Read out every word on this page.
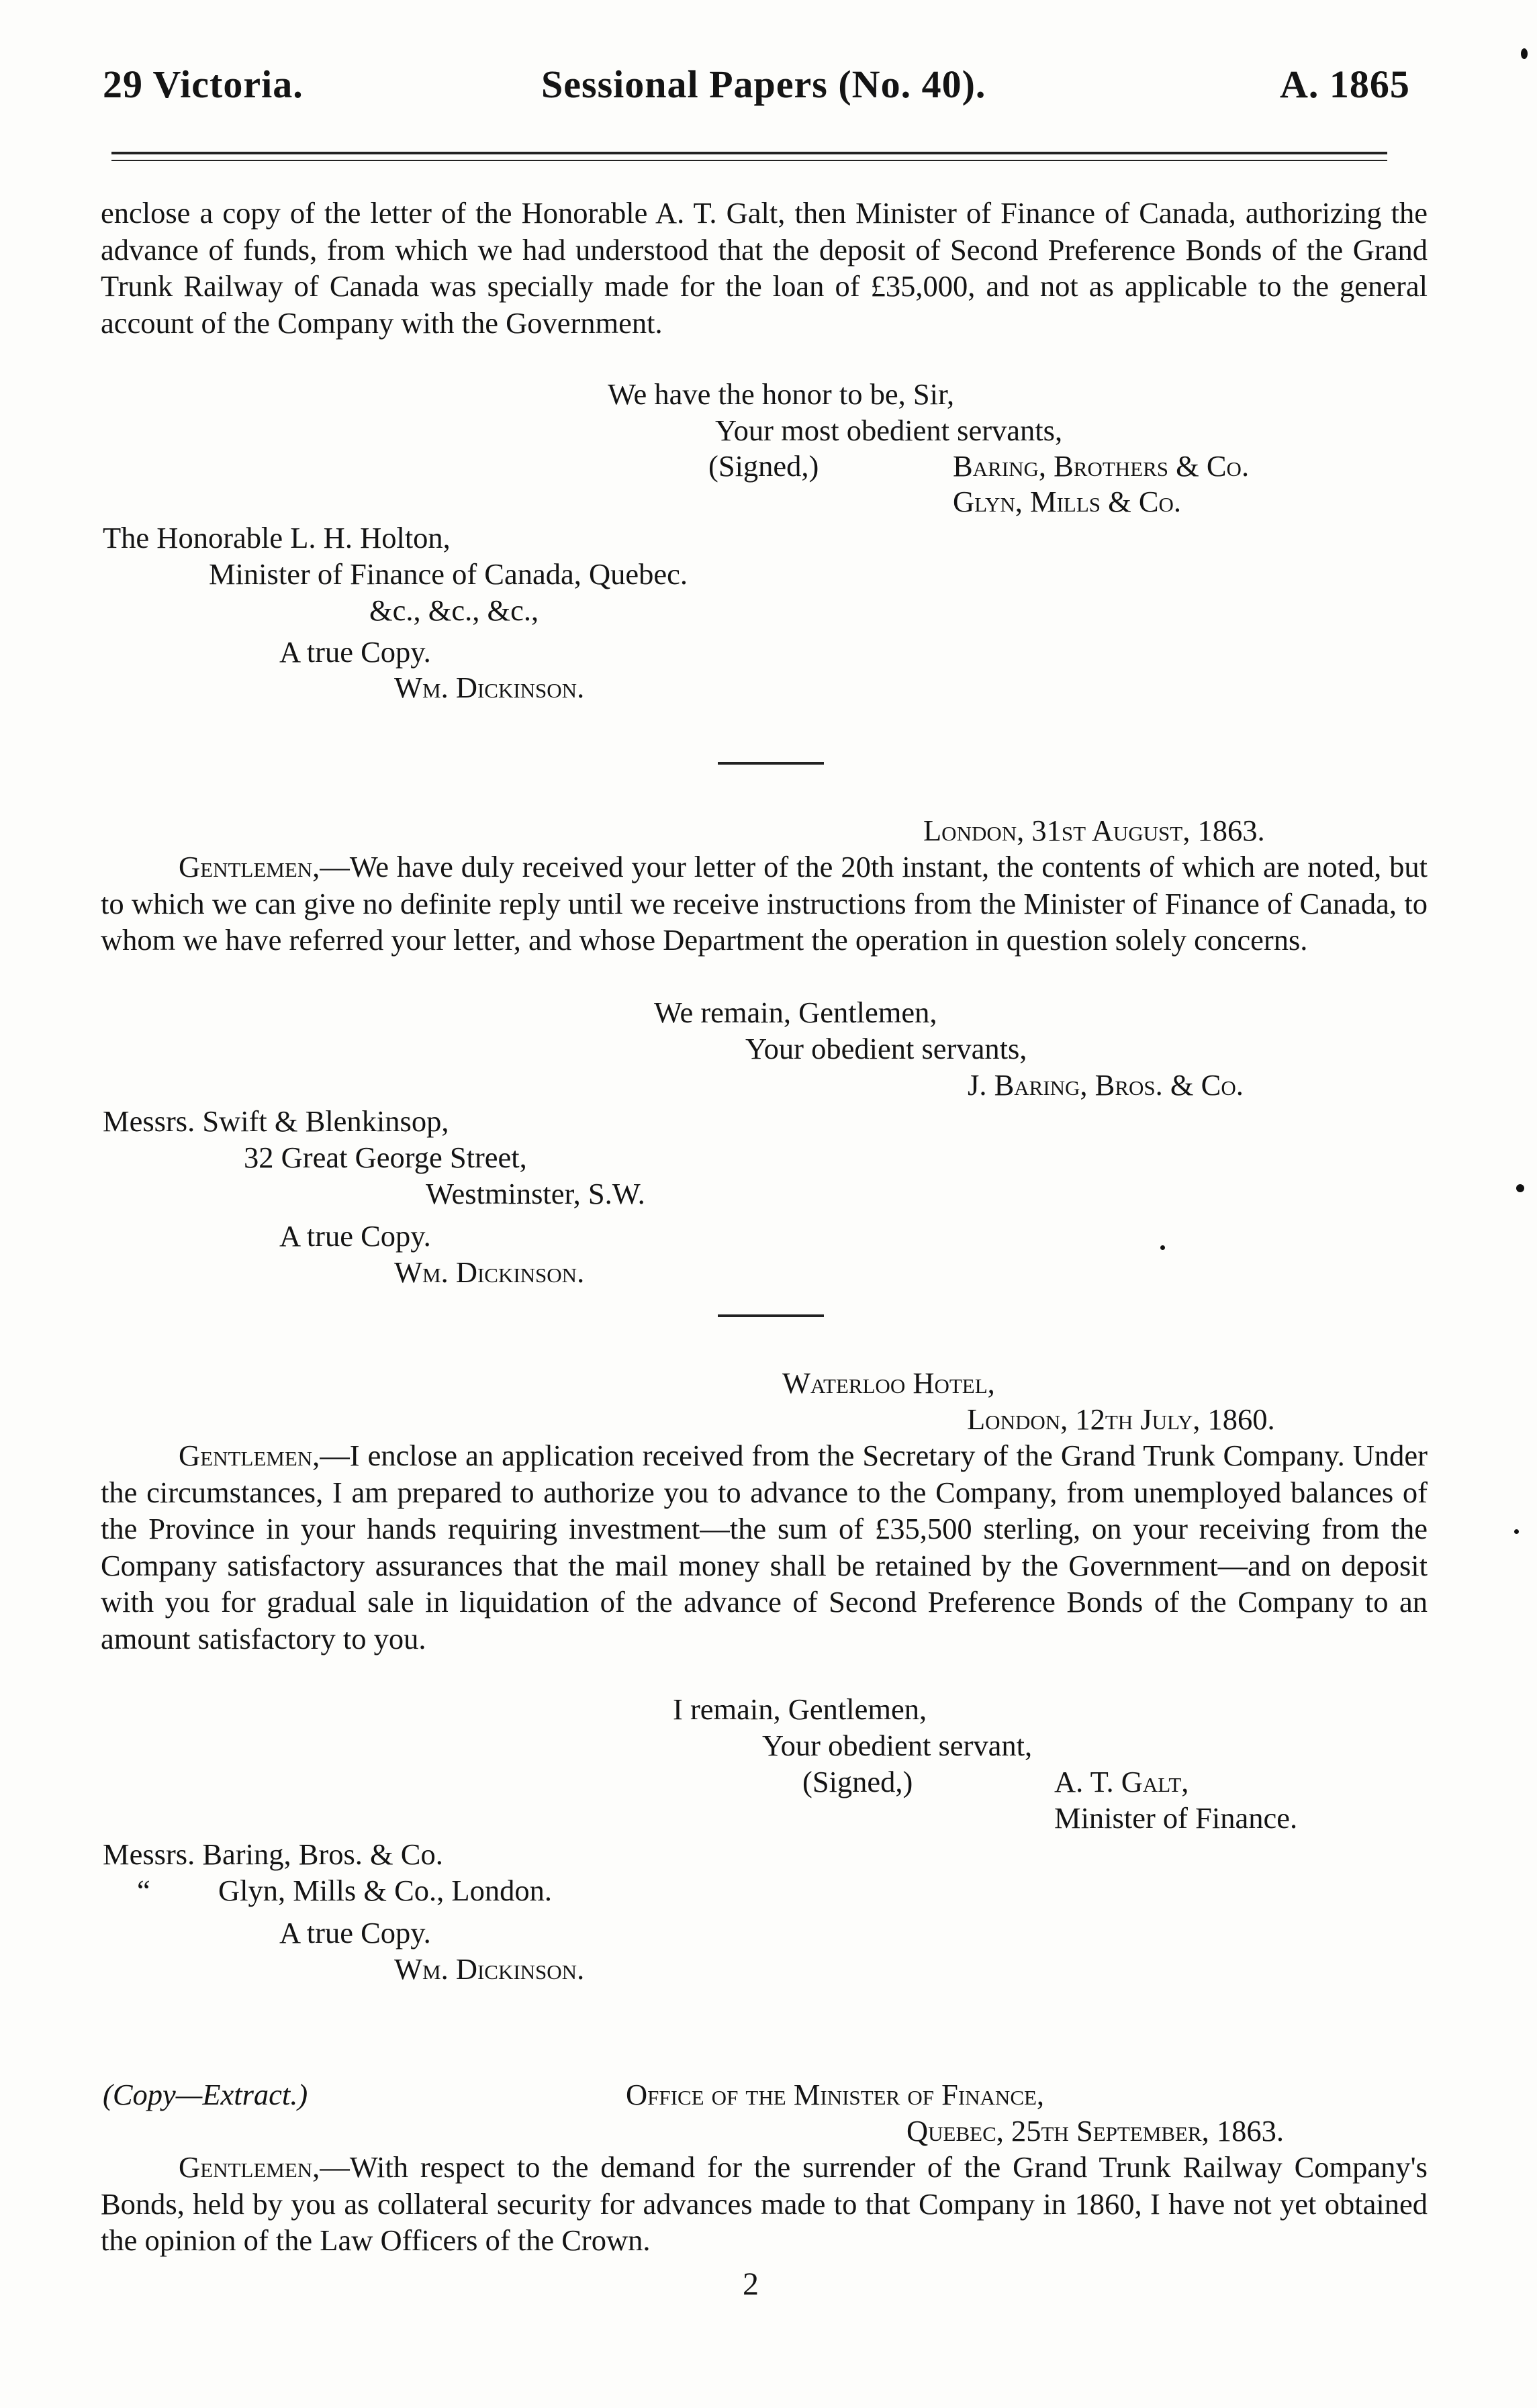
29 Victoria.	Sessional Papers (No. 40).	A. 1865

enclose a copy of the letter of the Honorable A. T. Galt, then Minister of Finance of Canada, authorizing the advance of funds, from which we had understood that the deposit of Second Preference Bonds of the Grand Trunk Railway of Canada was specially made for the loan of £35,000, and not as applicable to the general account of the Company with the Government.

We have the honor to be, Sir,
Your most obedient servants,
(Signed,)	Baring, Brothers & Co.
Glyn, Mills & Co.
The Honorable L. H. Holton,
Minister of Finance of Canada, Quebec.
&c., &c., &c.,
A true Copy.
Wm. Dickinson.
London, 31st August, 1863.

Gentlemen,—We have duly received your letter of the 20th instant, the contents of which are noted, but to which we can give no definite reply until we receive instructions from the Minister of Finance of Canada, to whom we have referred your letter, and whose Department the operation in question solely concerns.

We remain, Gentlemen,
Your obedient servants,
J. Baring, Bros. & Co.
Messrs. Swift & Blenkinsop,
32 Great George Street,
Westminster, S.W.
A true Copy.
Wm. Dickinson.
Waterloo Hotel,
London, 12th July, 1860.

Gentlemen,—I enclose an application received from the Secretary of the Grand Trunk Company. Under the circumstances, I am prepared to authorize you to advance to the Company, from unemployed balances of the Province in your hands requiring investment—the sum of £35,500 sterling, on your receiving from the Company satisfactory assurances that the mail money shall be retained by the Government—and on deposit with you for gradual sale in liquidation of the advance of Second Preference Bonds of the Company to an amount satisfactory to you.

I remain, Gentlemen,
Your obedient servant,
(Signed,)	A. T. Galt,
Minister of Finance.
Messrs. Baring, Bros. & Co.
“ Glyn, Mills & Co., London.
A true Copy.
Wm. Dickinson.
(Copy—Extract.)	Office of the Minister of Finance,
Quebec, 25th September, 1863.

Gentlemen,—With respect to the demand for the surrender of the Grand Trunk Railway Company's Bonds, held by you as collateral security for advances made to that Company in 1860, I have not yet obtained the opinion of the Law Officers of the Crown.

2
